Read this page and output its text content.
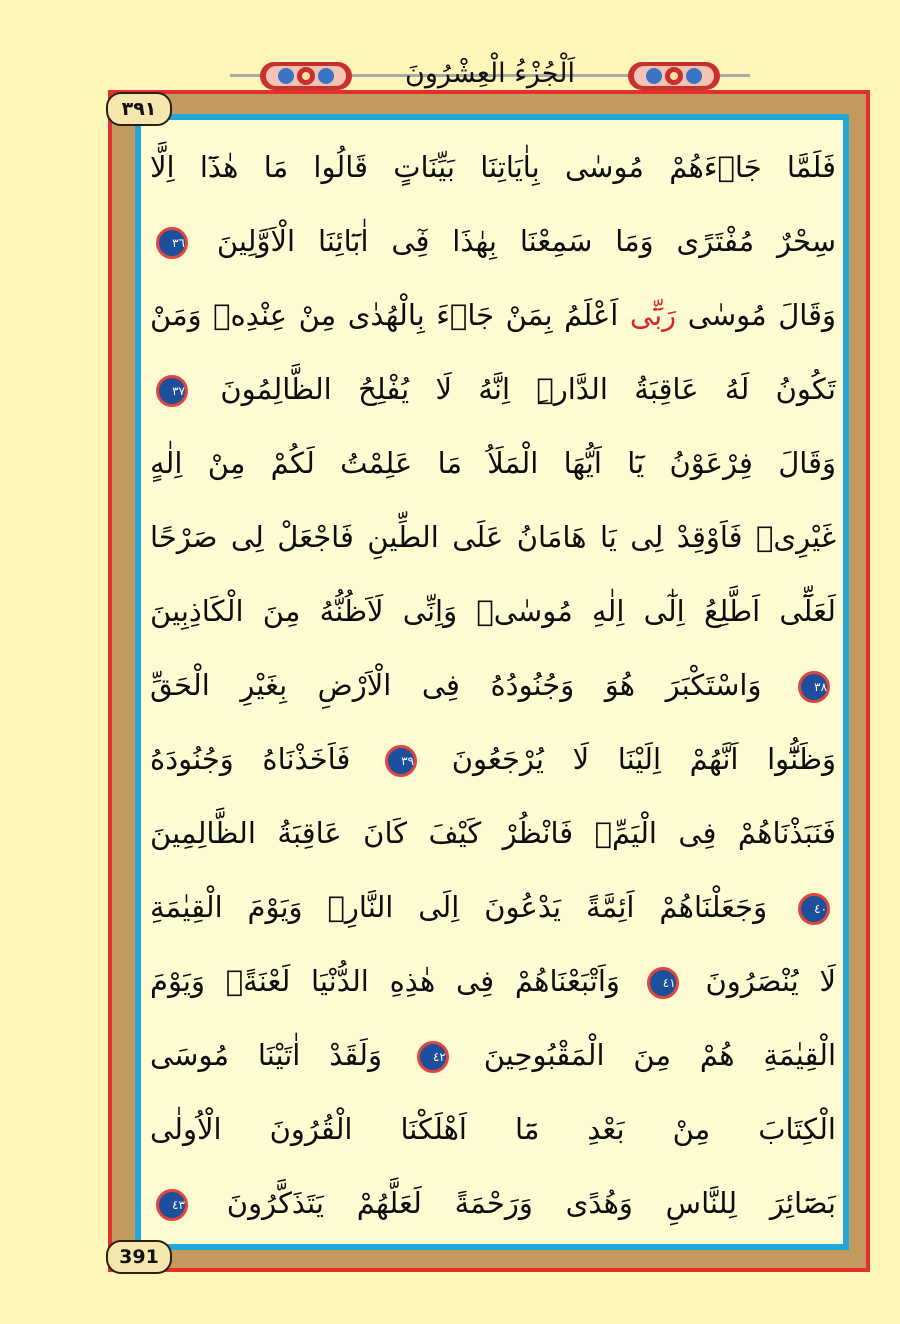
اَلْجُزْءُ الْعِشْرُونَ
٣٩١
فَلَمَّا جَاۤءَهُمْ مُوسٰى بِاٰيَاتِنَا بَيِّنَاتٍ قَالُوا مَا هٰذَٓا اِلَّا
سِحْرٌ مُفْتَرًى وَمَا سَمِعْنَا بِهٰذَا فِٓى اٰبَٓائِنَا الْاَوَّلِينَ ٣٦
وَقَالَ مُوسٰى رَبِّٓى اَعْلَمُ بِمَنْ جَاۤءَ بِالْهُدٰى مِنْ عِنْدِهٖ وَمَنْ
تَكُونُ لَهُ عَاقِبَةُ الدَّارِۜ اِنَّهُ لَا يُفْلِحُ الظَّالِمُونَ ٣٧
وَقَالَ فِرْعَوْنُ يَٓا اَيُّهَا الْمَلَاُ مَا عَلِمْتُ لَكُمْ مِنْ اِلٰهٍ
غَيْرِىۚ فَاَوْقِدْ لِى يَا هَامَانُ عَلَى الطِّينِ فَاجْعَلْ لِى صَرْحًا
لَعَلِّٓى اَطَّلِعُ اِلٰٓى اِلٰهِ مُوسٰىۙ وَاِنِّى لَاَظُنُّهُ مِنَ الْكَاذِبِينَ
٣٨ وَاسْتَكْبَرَ هُوَ وَجُنُودُهُ فِى الْاَرْضِ بِغَيْرِ الْحَقِّ
وَظَنُّٓوا اَنَّهُمْ اِلَيْنَا لَا يُرْجَعُونَ ٣٩ فَاَخَذْنَاهُ وَجُنُودَهُ
فَنَبَذْنَاهُمْ فِى الْيَمِّۚ فَانْظُرْ كَيْفَ كَانَ عَاقِبَةُ الظَّالِمِينَ
٤٠ وَجَعَلْنَاهُمْ اَئِمَّةً يَدْعُونَ اِلَى النَّارِۚ وَيَوْمَ الْقِيٰمَةِ
لَا يُنْصَرُونَ ٤١ وَاَتْبَعْنَاهُمْ فِى هٰذِهِ الدُّنْيَا لَعْنَةًۚ وَيَوْمَ
الْقِيٰمَةِ هُمْ مِنَ الْمَقْبُوحِينَ ٤٢ وَلَقَدْ اٰتَيْنَا مُوسَى
الْكِتَابَ مِنْ بَعْدِ مَٓا اَهْلَكْنَا الْقُرُونَ الْاُولٰى
بَصَٓائِرَ لِلنَّاسِ وَهُدًى وَرَحْمَةً لَعَلَّهُمْ يَتَذَكَّرُونَ ٤٣
391
